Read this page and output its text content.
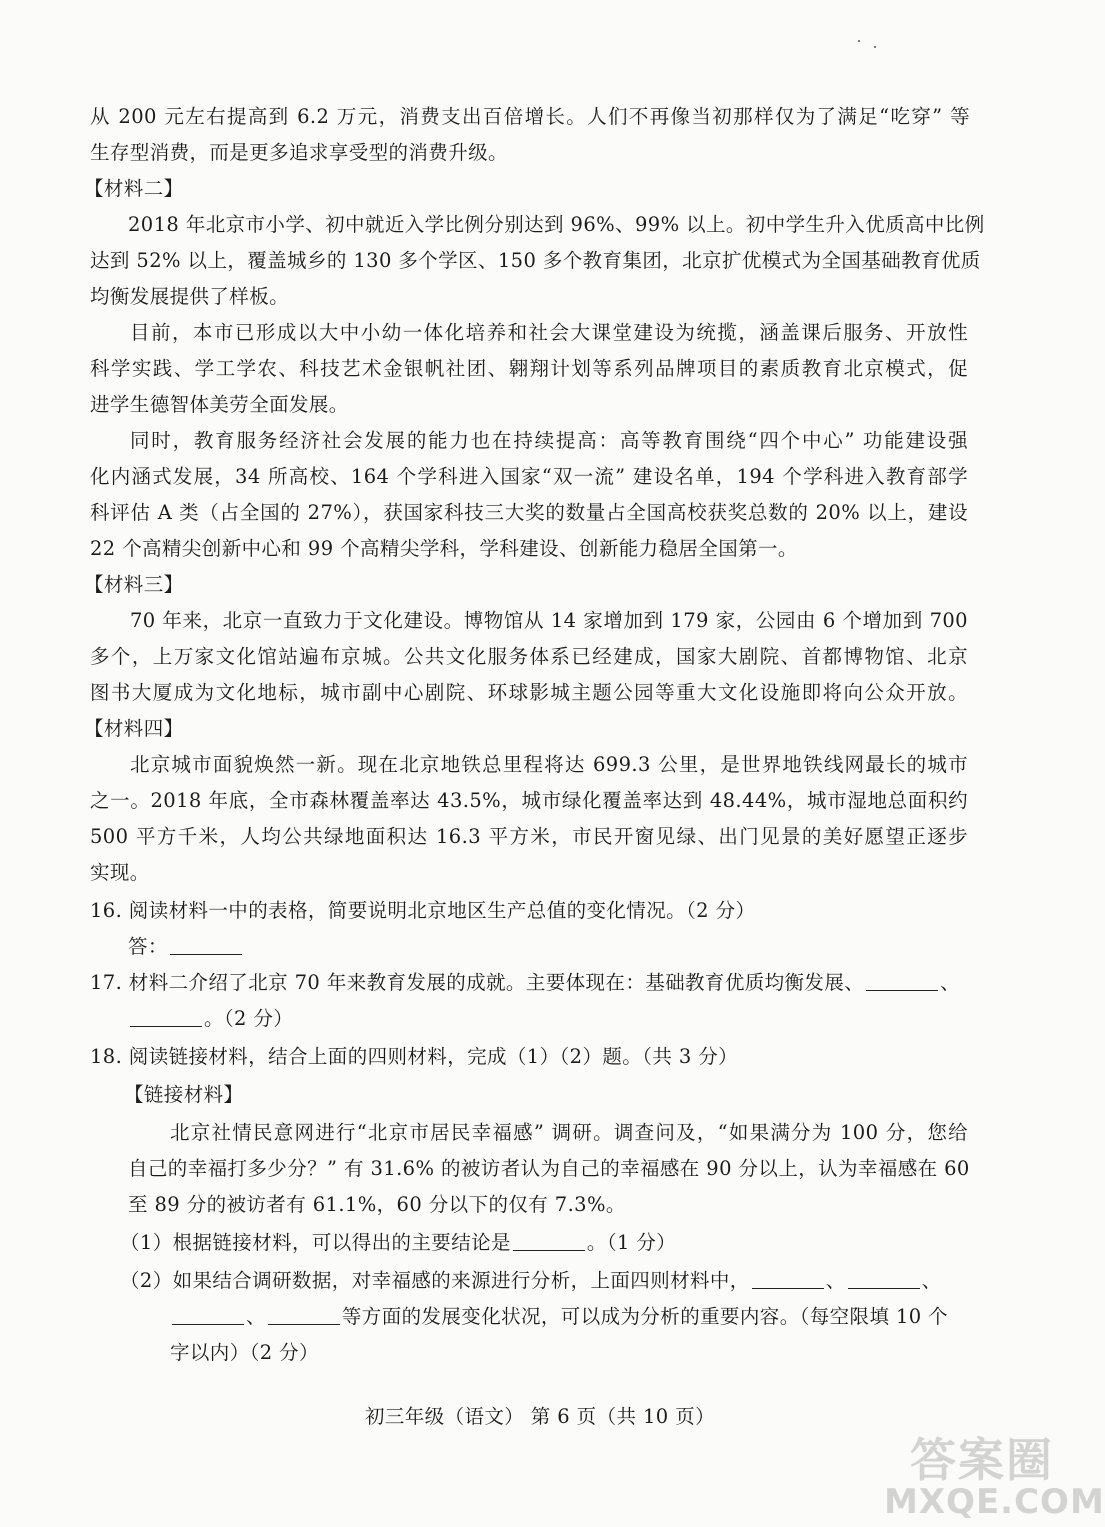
从 200 元左右提高到 6.2 万元，消费支出百倍增长。人们不再像当初那样仅为了满足“吃穿” 等
生存型消费，而是更多追求享受型的消费升级。
【材料二】
2018 年北京市小学、初中就近入学比例分别达到 96%、99% 以上。初中学生升入优质高中比例
达到 52% 以上，覆盖城乡的 130 多个学区、150 多个教育集团，北京扩优模式为全国基础教育优质
均衡发展提供了样板。
目前，本市已形成以大中小幼一体化培养和社会大课堂建设为统揽，涵盖课后服务、开放性
科学实践、学工学农、科技艺术金银帆社团、翱翔计划等系列品牌项目的素质教育北京模式，促
进学生德智体美劳全面发展。
同时，教育服务经济社会发展的能力也在持续提高：高等教育围绕“四个中心” 功能建设强
化内涵式发展，34 所高校、164 个学科进入国家“双一流” 建设名单，194 个学科进入教育部学
科评估 A 类（占全国的 27%），获国家科技三大奖的数量占全国高校获奖总数的 20% 以上，建设
22 个高精尖创新中心和 99 个高精尖学科，学科建设、创新能力稳居全国第一。
【材料三】
70 年来，北京一直致力于文化建设。博物馆从 14 家增加到 179 家，公园由 6 个增加到 700
多个，上万家文化馆站遍布京城。公共文化服务体系已经建成，国家大剧院、首都博物馆、北京
图书大厦成为文化地标，城市副中心剧院、环球影城主题公园等重大文化设施即将向公众开放。
【材料四】
北京城市面貌焕然一新。现在北京地铁总里程将达 699.3 公里，是世界地铁线网最长的城市
之一。2018 年底，全市森林覆盖率达 43.5%，城市绿化覆盖率达到 48.44%，城市湿地总面积约
500 平方千米，人均公共绿地面积达 16.3 平方米，市民开窗见绿、出门见景的美好愿望正逐步
实现。
16. 阅读材料一中的表格，简要说明北京地区生产总值的变化情况。（2 分）
答：
17. 材料二介绍了北京 70 年来教育发展的成就。主要体现在：基础教育优质均衡发展、	、
。（2 分）
18. 阅读链接材料，结合上面的四则材料，完成（1）（2）题。（共 3 分）
【链接材料】
北京社情民意网进行“北京市居民幸福感” 调研。调查问及，“如果满分为 100 分，您给
自己的幸福打多少分？” 有 31.6% 的被访者认为自己的幸福感在 90 分以上，认为幸福感在 60
至 89 分的被访者有 61.1%，60 分以下的仅有 7.3%。
（1）根据链接材料，可以得出的主要结论是	。（1 分）
（2）如果结合调研数据，对幸福感的来源进行分析，上面四则材料中，	、	、
、	等方面的发展变化状况，可以成为分析的重要内容。（每空限填 10 个
字以内）（2 分）
初三年级（语文） 第 6 页（共 10 页）
答案圈
MXQE.COM
